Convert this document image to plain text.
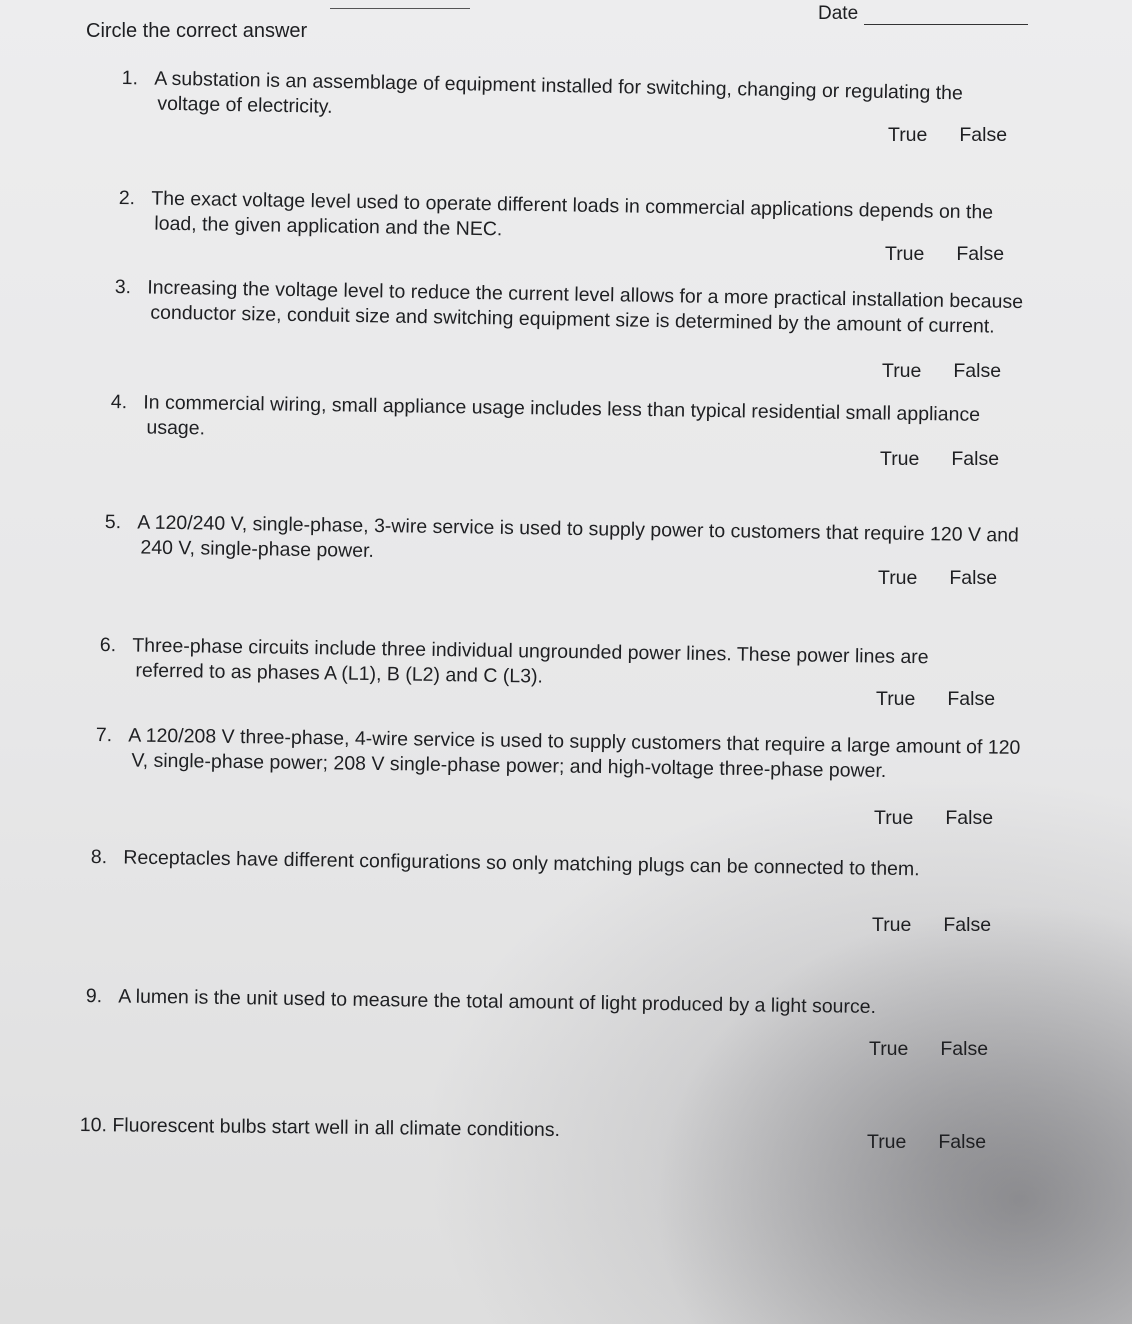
Date
Circle the correct answer
1. A substation is an assemblage of equipment installed for switching, changing or regulating the voltage of electricity.
True False
2. The exact voltage level used to operate different loads in commercial applications depends on the load, the given application and the NEC.
True False
3. Increasing the voltage level to reduce the current level allows for a more practical installation because conductor size, conduit size and switching equipment size is determined by the amount of current.
True False
4. In commercial wiring, small appliance usage includes less than typical residential small appliance usage.
True False
5. A 120/240 V, single-phase, 3-wire service is used to supply power to customers that require 120 V and 240 V, single-phase power.
True False
6. Three-phase circuits include three individual ungrounded power lines. These power lines are referred to as phases A (L1), B (L2) and C (L3).
True False
7. A 120/208 V three-phase, 4-wire service is used to supply customers that require a large amount of 120 V, single-phase power; 208 V single-phase power; and high-voltage three-phase power.
True False
8. Receptacles have different configurations so only matching plugs can be connected to them.
True False
9. A lumen is the unit used to measure the total amount of light produced by a light source.
True False
10. Fluorescent bulbs start well in all climate conditions.
True False
